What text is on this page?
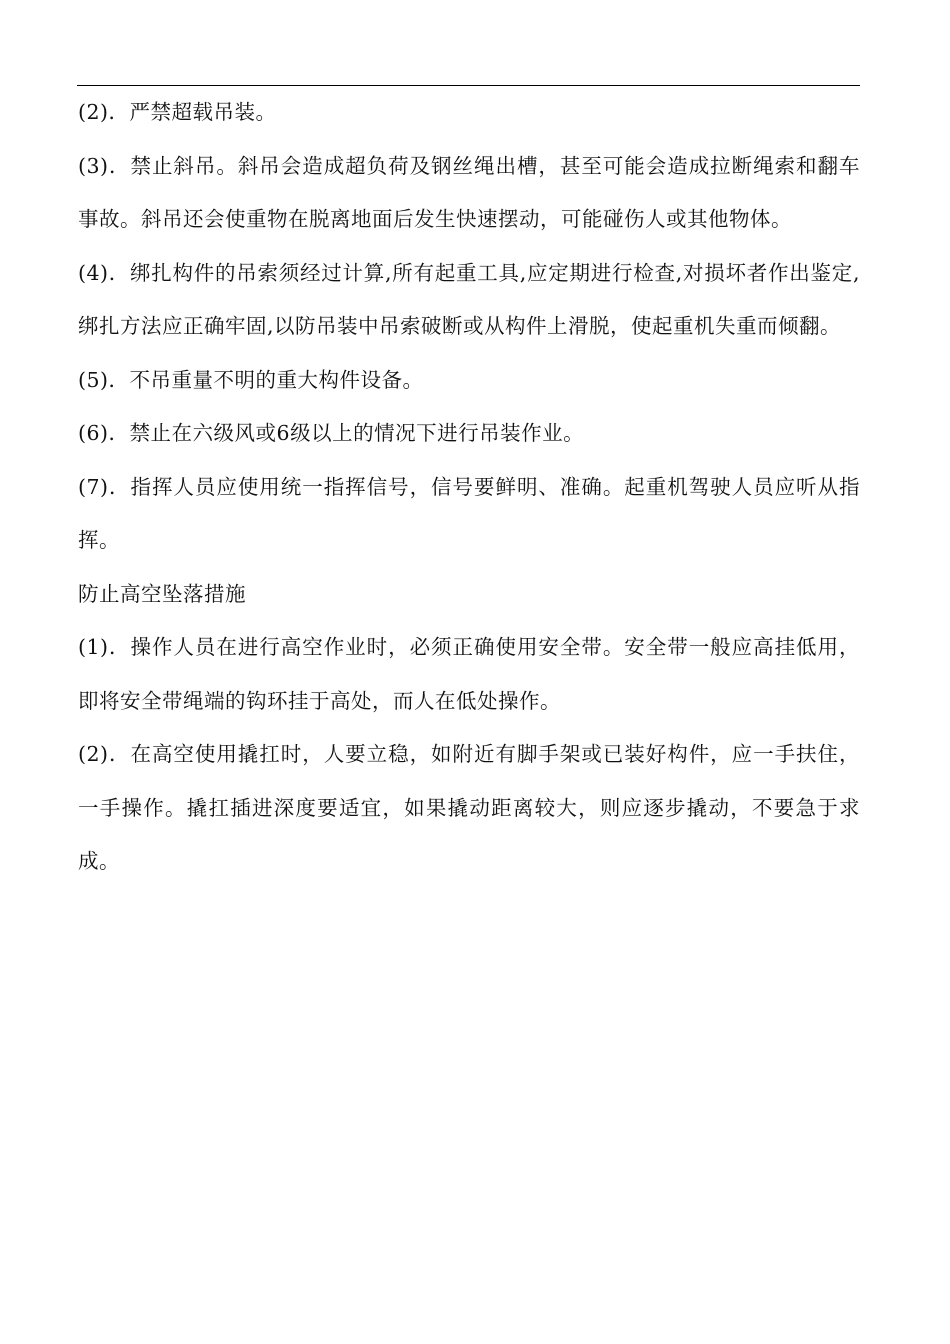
(2)．严禁超载吊装。

(3)．禁止斜吊。斜吊会造成超负荷及钢丝绳出槽，甚至可能会造成拉断绳索和翻车事故。斜吊还会使重物在脱离地面后发生快速摆动，可能碰伤人或其他物体。

(4)．绑扎构件的吊索须经过计算,所有起重工具,应定期进行检查,对损坏者作出鉴定,绑扎方法应正确牢固,以防吊装中吊索破断或从构件上滑脱，使起重机失重而倾翻。

(5)．不吊重量不明的重大构件设备。

(6)．禁止在六级风或6级以上的情况下进行吊装作业。

(7)．指挥人员应使用统一指挥信号，信号要鲜明、准确。起重机驾驶人员应听从指挥。

防止高空坠落措施

(1)．操作人员在进行高空作业时，必须正确使用安全带。安全带一般应高挂低用，即将安全带绳端的钩环挂于高处，而人在低处操作。

(2)．在高空使用撬扛时，人要立稳，如附近有脚手架或已装好构件，应一手扶住，一手操作。撬扛插进深度要适宜，如果撬动距离较大，则应逐步撬动，不要急于求成。
